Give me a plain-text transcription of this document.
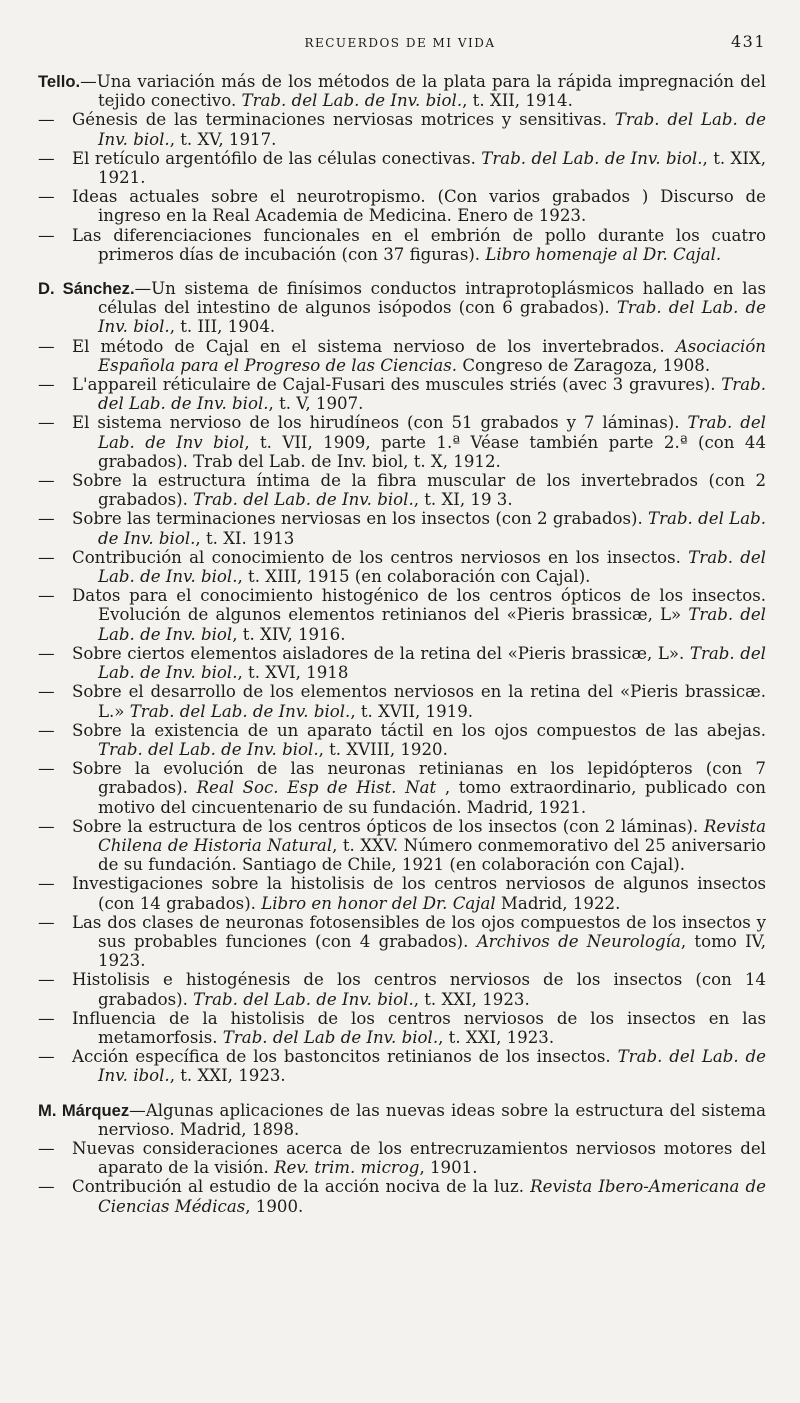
RECUERDOS DE MI VIDA	431
Tello.—Una variación más de los métodos de la plata para la rápida impregnación del tejido conectivo. Trab. del Lab. de Inv. biol., t. XII, 1914.
— Génesis de las terminaciones nerviosas motrices y sensitivas. Trab. del Lab. de Inv. biol., t. XV, 1917.
— El retículo argentófilo de las células conectivas. Trab. del Lab. de Inv. biol., t. XIX, 1921.
— Ideas actuales sobre el neurotropismo. (Con varios grabados ) Discurso de ingreso en la Real Academia de Medicina. Enero de 1923.
— Las diferenciaciones funcionales en el embrión de pollo durante los cuatro primeros días de incubación (con 37 figuras). Libro homenaje al Dr. Cajal.
D. Sánchez.—Un sistema de finísimos conductos intraprotoplásmicos hallado en las células del intestino de algunos isópodos (con 6 grabados). Trab. del Lab. de Inv. biol., t. III, 1904.
— El método de Cajal en el sistema nervioso de los invertebrados. Asociación Española para el Progreso de las Ciencias. Congreso de Zaragoza, 1908.
— L'appareil réticulaire de Cajal-Fusari des muscules striés (avec 3 gravures). Trab. del Lab. de Inv. biol., t. V, 1907.
— El sistema nervioso de los hirudíneos (con 51 grabados y 7 láminas). Trab. del Lab. de Inv biol, t. VII, 1909, parte 1.ª Véase también parte 2.ª (con 44 grabados). Trab del Lab. de Inv. biol, t. X, 1912.
— Sobre la estructura íntima de la fibra muscular de los invertebrados (con 2 grabados). Trab. del Lab. de Inv. biol., t. XI, 19 3.
— Sobre las terminaciones nerviosas en los insectos (con 2 grabados). Trab. del Lab. de Inv. biol., t. XI. 1913
— Contribución al conocimiento de los centros nerviosos en los insectos. Trab. del Lab. de Inv. biol., t. XIII, 1915 (en colaboración con Cajal).
— Datos para el conocimiento histogénico de los centros ópticos de los insectos. Evolución de algunos elementos retinianos del «Pieris brassicæ, L» Trab. del Lab. de Inv. biol, t. XIV, 1916.
— Sobre ciertos elementos aisladores de la retina del «Pieris brassicæ, L». Trab. del Lab. de Inv. biol., t. XVI, 1918
— Sobre el desarrollo de los elementos nerviosos en la retina del «Pieris brassicæ. L.» Trab. del Lab. de Inv. biol., t. XVII, 1919.
— Sobre la existencia de un aparato táctil en los ojos compuestos de las abejas. Trab. del Lab. de Inv. biol., t. XVIII, 1920.
— Sobre la evolución de las neuronas retinianas en los lepidópteros (con 7 grabados). Real Soc. Esp de Hist. Nat , tomo extraordinario, publicado con motivo del cincuentenario de su fundación. Madrid, 1921.
— Sobre la estructura de los centros ópticos de los insectos (con 2 láminas). Revista Chilena de Historia Natural, t. XXV. Número conmemorativo del 25 aniversario de su fundación. Santiago de Chile, 1921 (en colaboración con Cajal).
— Investigaciones sobre la histolisis de los centros nerviosos de algunos insectos (con 14 grabados). Libro en honor del Dr. Cajal Madrid, 1922.
— Las dos clases de neuronas fotosensibles de los ojos compuestos de los insectos y sus probables funciones (con 4 grabados). Archivos de Neurología, tomo IV, 1923.
— Histolisis e histogénesis de los centros nerviosos de los insectos (con 14 grabados). Trab. del Lab. de Inv. biol., t. XXI, 1923.
— Influencia de la histolisis de los centros nerviosos de los insectos en las metamorfosis. Trab. del Lab de Inv. biol., t. XXI, 1923.
— Acción específica de los bastoncitos retinianos de los insectos. Trab. del Lab. de Inv. ibol., t. XXI, 1923.
M. Márquez—Algunas aplicaciones de las nuevas ideas sobre la estructura del sistema nervioso. Madrid, 1898.
— Nuevas consideraciones acerca de los entrecruzamientos nerviosos motores del aparato de la visión. Rev. trim. microg, 1901.
— Contribución al estudio de la acción nociva de la luz. Revista Ibero-Americana de Ciencias Médicas, 1900.
